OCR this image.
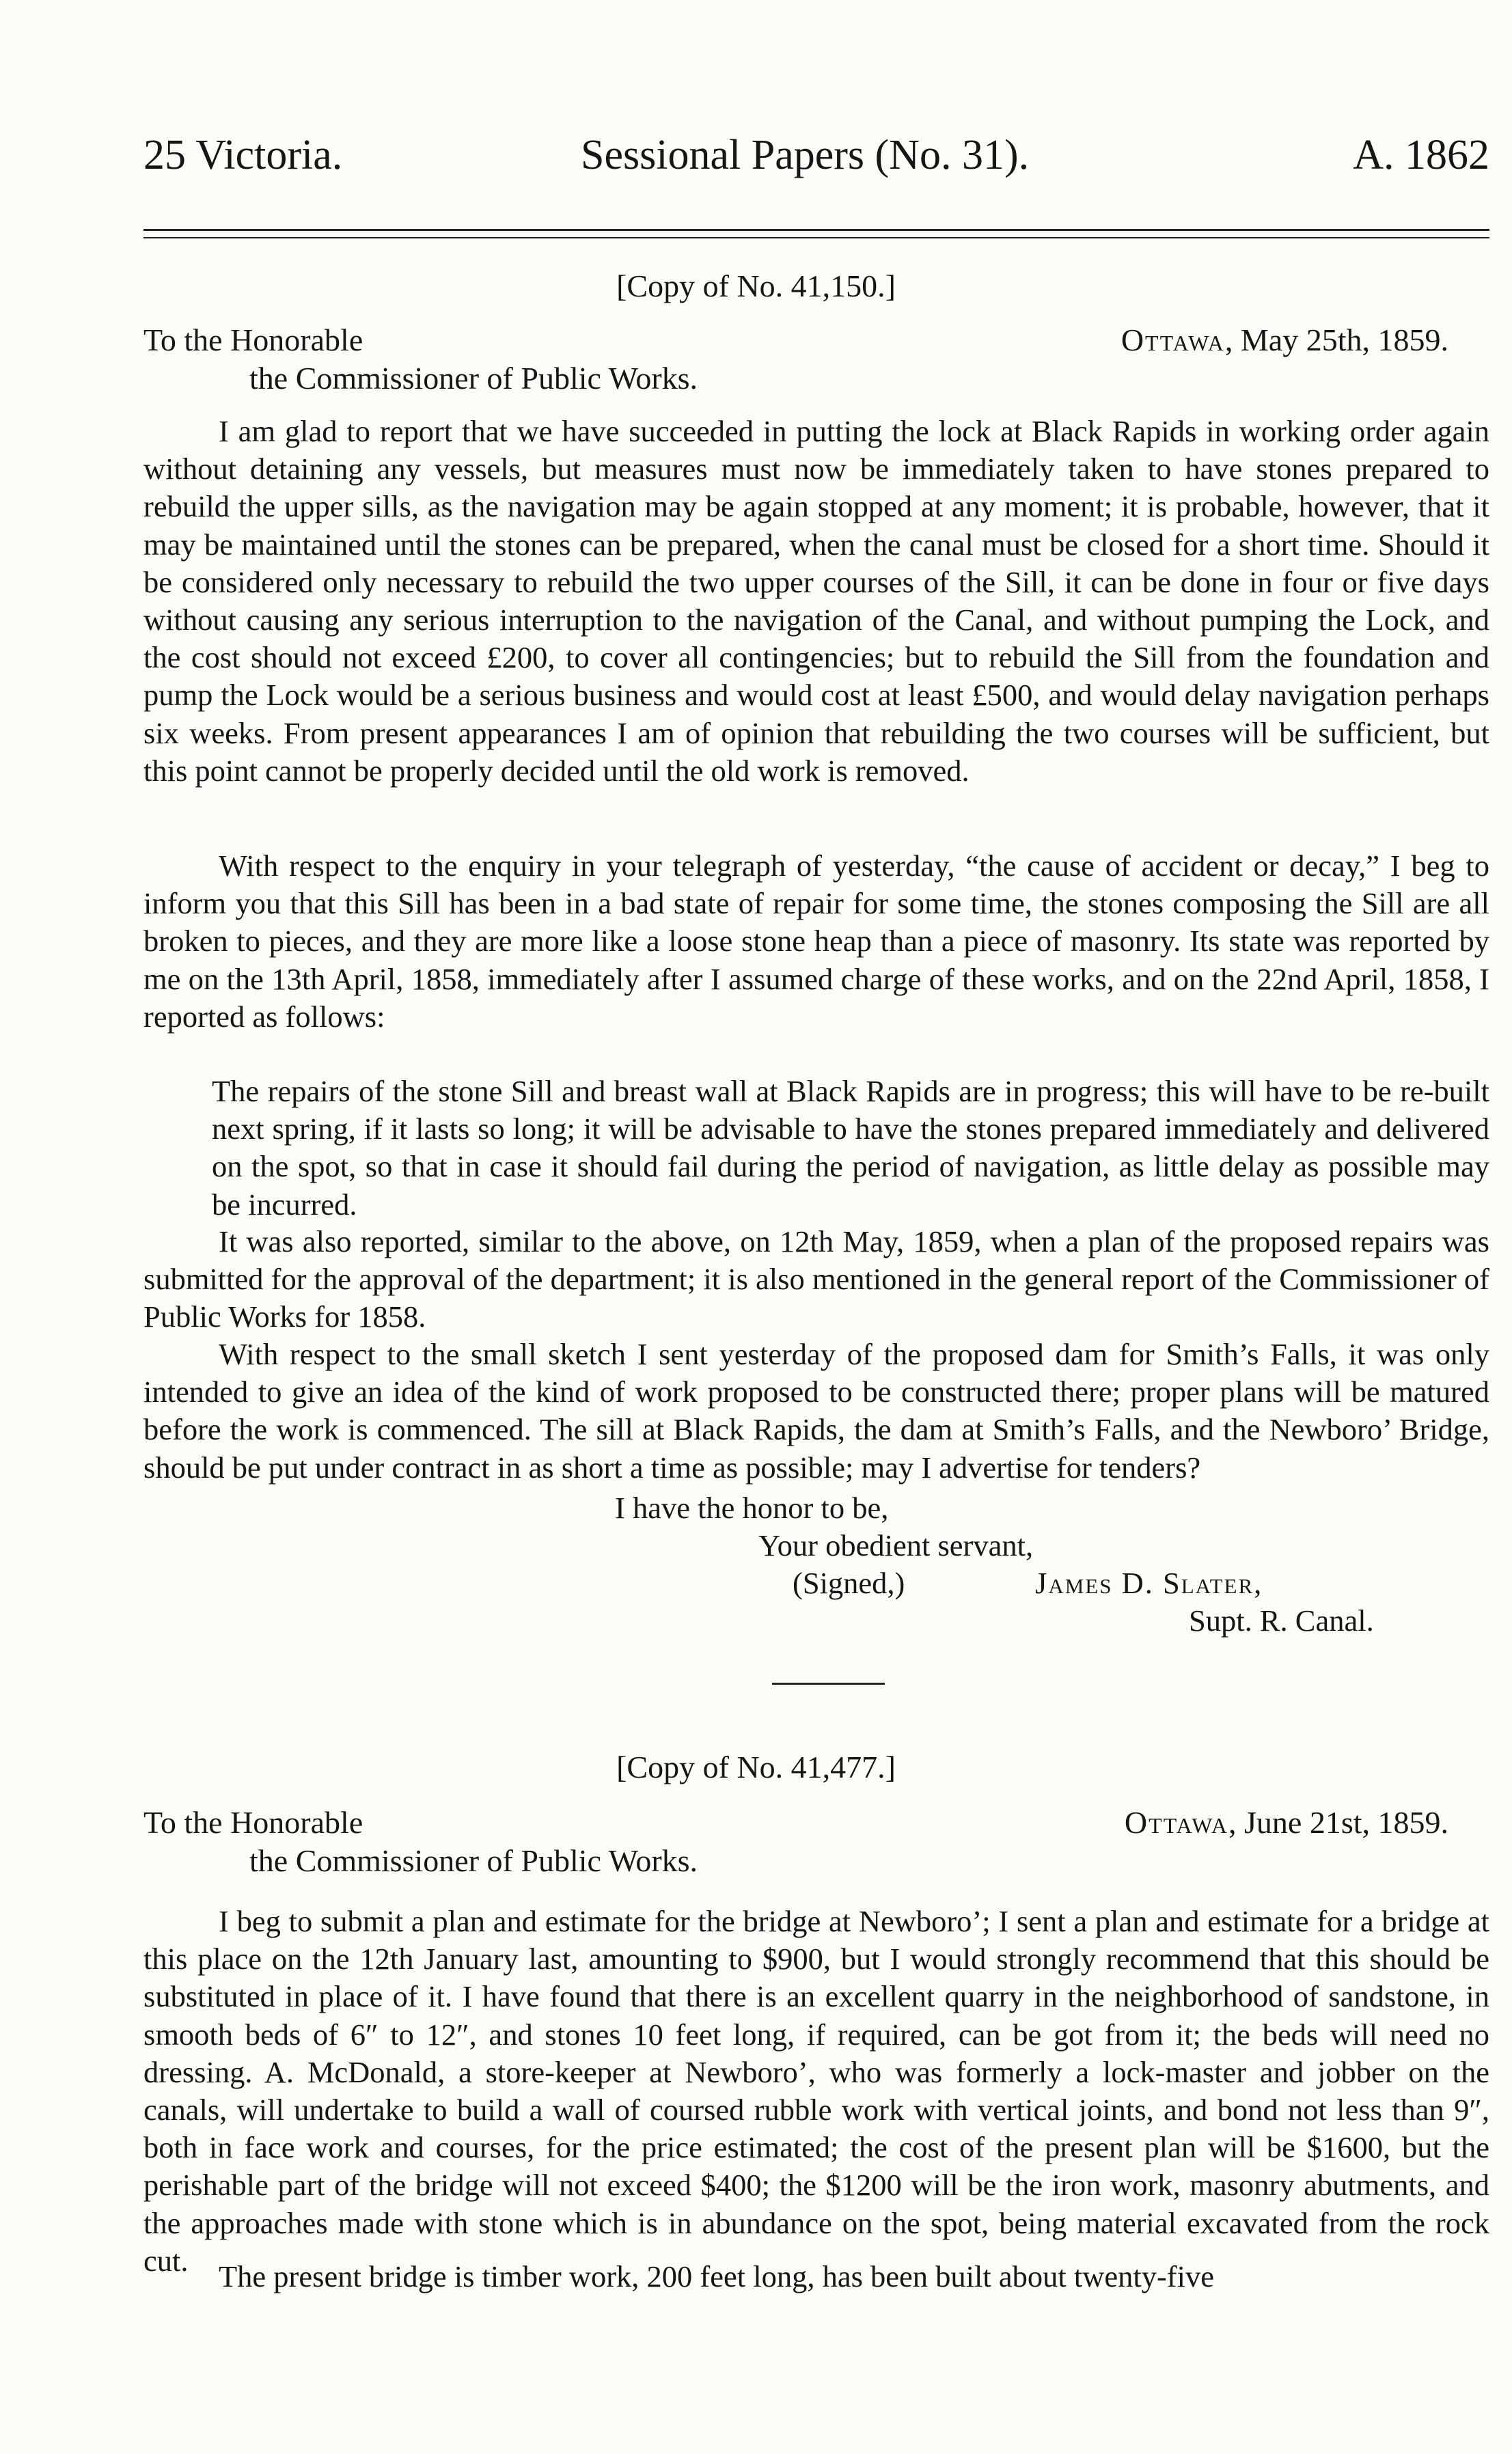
25 Victoria.	Sessional Papers (No. 31).	A. 1862
[Copy of No. 41,150.]
To the Honorable
the Commissioner of Public Works.
Ottawa, May 25th, 1859.

I am glad to report that we have succeeded in putting the lock at Black Rapids in working order again without detaining any vessels, but measures must now be immediately taken to have stones prepared to rebuild the upper sills, as the navigation may be again stopped at any moment; it is probable, however, that it may be maintained until the stones can be prepared, when the canal must be closed for a short time. Should it be considered only necessary to rebuild the two upper courses of the Sill, it can be done in four or five days without causing any serious interruption to the navigation of the Canal, and without pumping the Lock, and the cost should not exceed £200, to cover all contingencies; but to rebuild the Sill from the foundation and pump the Lock would be a serious business and would cost at least £500, and would delay navigation perhaps six weeks. From present appearances I am of opinion that rebuilding the two courses will be sufficient, but this point cannot be properly decided until the old work is removed.

With respect to the enquiry in your telegraph of yesterday, “the cause of accident or decay,” I beg to inform you that this Sill has been in a bad state of repair for some time, the stones composing the Sill are all broken to pieces, and they are more like a loose stone heap than a piece of masonry. Its state was reported by me on the 13th April, 1858, immediately after I assumed charge of these works, and on the 22nd April, 1858, I reported as follows:

The repairs of the stone Sill and breast wall at Black Rapids are in progress; this will have to be re-built next spring, if it lasts so long; it will be advisable to have the stones prepared immediately and delivered on the spot, so that in case it should fail during the period of navigation, as little delay as possible may be incurred.

It was also reported, similar to the above, on 12th May, 1859, when a plan of the proposed repairs was submitted for the approval of the department; it is also mentioned in the general report of the Commissioner of Public Works for 1858.

With respect to the small sketch I sent yesterday of the proposed dam for Smith’s Falls, it was only intended to give an idea of the kind of work proposed to be constructed there; proper plans will be matured before the work is commenced. The sill at Black Rapids, the dam at Smith’s Falls, and the Newboro’ Bridge, should be put under contract in as short a time as possible; may I advertise for tenders?

I have the honor to be,
Your obedient servant,
(Signed,)	James D. Slater,
Supt. R. Canal.
[Copy of No. 41,477.]
To the Honorable
the Commissioner of Public Works.
Ottawa, June 21st, 1859.

I beg to submit a plan and estimate for the bridge at Newboro’; I sent a plan and estimate for a bridge at this place on the 12th January last, amounting to $900, but I would strongly recommend that this should be substituted in place of it. I have found that there is an excellent quarry in the neighborhood of sandstone, in smooth beds of 6″ to 12″, and stones 10 feet long, if required, can be got from it; the beds will need no dressing. A. McDonald, a store-keeper at Newboro’, who was formerly a lock-master and jobber on the canals, will undertake to build a wall of coursed rubble work with vertical joints, and bond not less than 9″, both in face work and courses, for the price estimated; the cost of the present plan will be $1600, but the perishable part of the bridge will not exceed $400; the $1200 will be the iron work, masonry abutments, and the approaches made with stone which is in abundance on the spot, being material excavated from the rock cut.	The present bridge is timber work, 200 feet long, has been built about twenty-five
